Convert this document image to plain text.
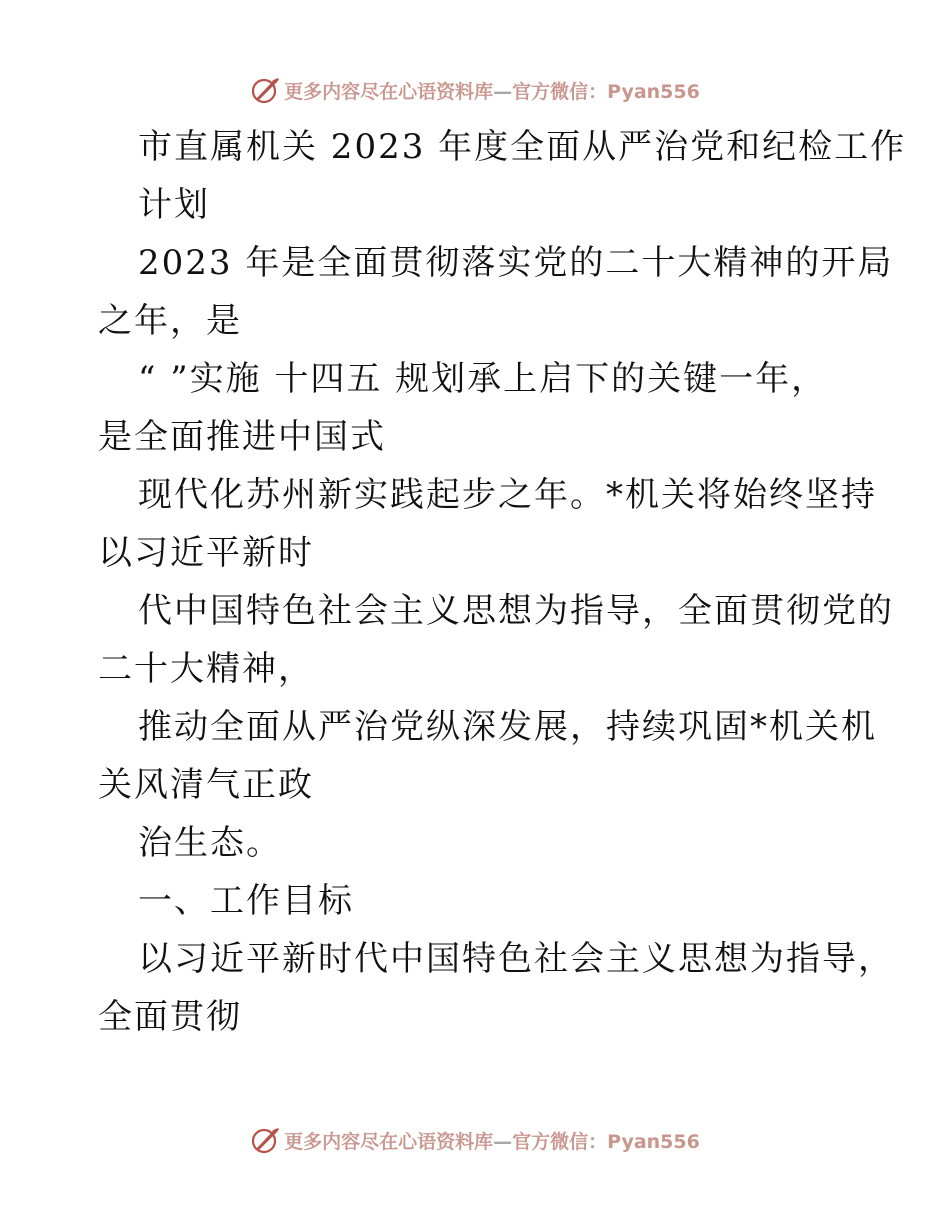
更多内容尽在心语资料库—官方微信：Pyan556
市直属机关 2023 年度全面从严治党和纪检工作
计划
2023 年是全面贯彻落实党的二十大精神的开局
之年，是
“ ”实施 十四五 规划承上启下的关键一年，
是全面推进中国式
现代化苏州新实践起步之年。*机关将始终坚持
以习近平新时
代中国特色社会主义思想为指导，全面贯彻党的
二十大精神，
推动全面从严治党纵深发展，持续巩固*机关机
关风清气正政
治生态。
一、工作目标
以习近平新时代中国特色社会主义思想为指导，
全面贯彻
更多内容尽在心语资料库—官方微信：Pyan556
